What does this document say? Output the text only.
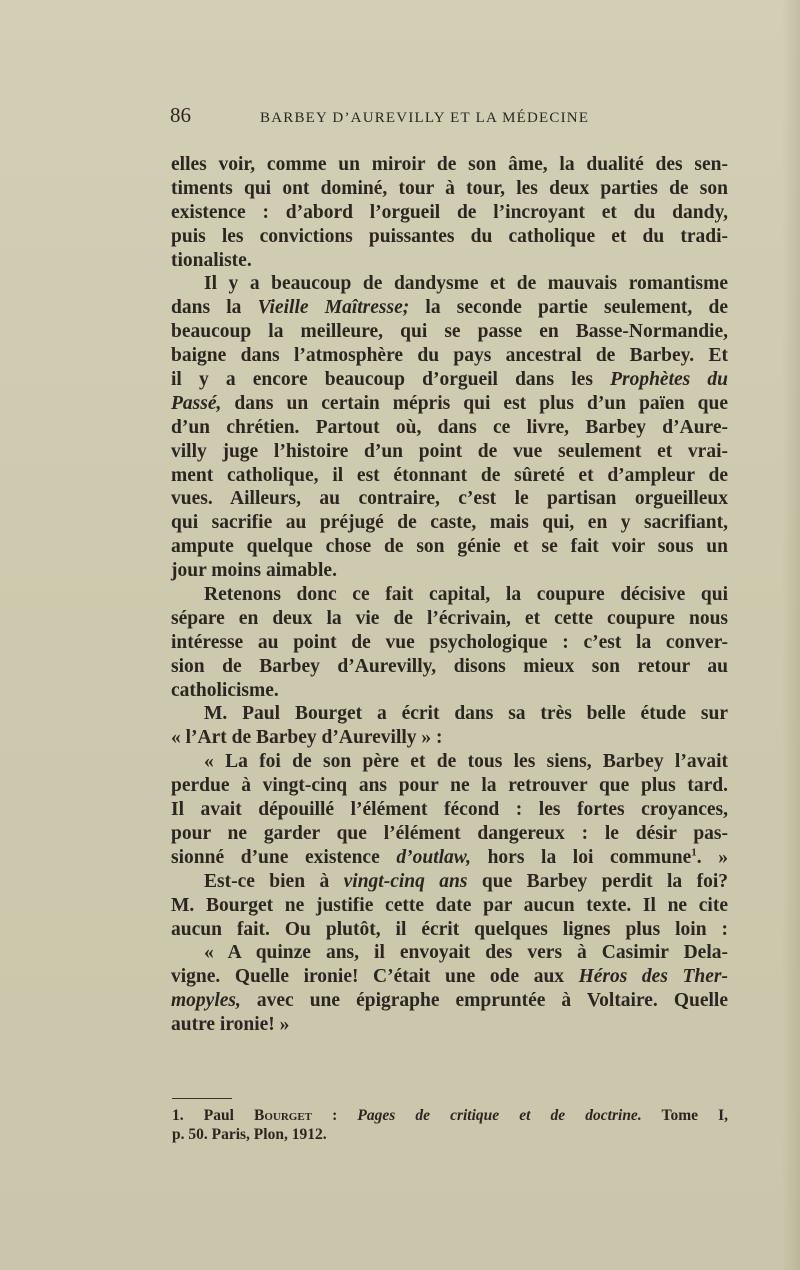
86	BARBEY D’AUREVILLY ET LA MÉDECINE
elles voir, comme un miroir de son âme, la dualité des sen-
timents qui ont dominé, tour à tour, les deux parties de son
existence : d’abord l’orgueil de l’incroyant et du dandy,
puis les convictions puissantes du catholique et du tradi-
tionaliste.
Il y a beaucoup de dandysme et de mauvais romantisme
dans la Vieille Maîtresse; la seconde partie seulement, de
beaucoup la meilleure, qui se passe en Basse-Normandie,
baigne dans l’atmosphère du pays ancestral de Barbey. Et
il y a encore beaucoup d’orgueil dans les Prophètes du
Passé, dans un certain mépris qui est plus d’un païen que
d’un chrétien. Partout où, dans ce livre, Barbey d’Aure-
villy juge l’histoire d’un point de vue seulement et vrai-
ment catholique, il est étonnant de sûreté et d’ampleur de
vues. Ailleurs, au contraire, c’est le partisan orgueilleux
qui sacrifie au préjugé de caste, mais qui, en y sacrifiant,
ampute quelque chose de son génie et se fait voir sous un
jour moins aimable.
Retenons donc ce fait capital, la coupure décisive qui
sépare en deux la vie de l’écrivain, et cette coupure nous
intéresse au point de vue psychologique : c’est la conver-
sion de Barbey d’Aurevilly, disons mieux son retour au
catholicisme.
M. Paul Bourget a écrit dans sa très belle étude sur
« l’Art de Barbey d’Aurevilly » :
« La foi de son père et de tous les siens, Barbey l’avait
perdue à vingt-cinq ans pour ne la retrouver que plus tard.
Il avait dépouillé l’élément fécond : les fortes croyances,
pour ne garder que l’élément dangereux : le désir pas-
sionné d’une existence d’outlaw, hors la loi commune$^1$. »
Est-ce bien à vingt-cinq ans que Barbey perdit la foi?
M. Bourget ne justifie cette date par aucun texte. Il ne cite
aucun fait. Ou plutôt, il écrit quelques lignes plus loin :
« A quinze ans, il envoyait des vers à Casimir Dela-
vigne. Quelle ironie! C’était une ode aux Héros des Ther-
mopyles, avec une épigraphe empruntée à Voltaire. Quelle
autre ironie! »
1. Paul Bourget : Pages de critique et de doctrine. Tome I,
p. 50. Paris, Plon, 1912.
